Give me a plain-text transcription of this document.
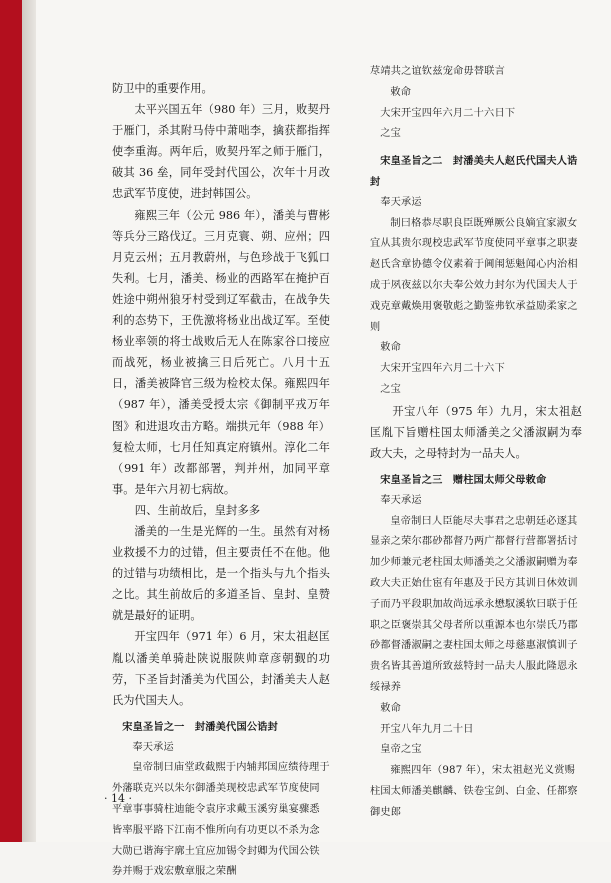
防卫中的重要作用。

太平兴国五年（980 年）三月，败契丹于雁门，杀其附马侍中萧咄李，擒获都指挥使李重海。两年后，败契丹军之师于雁门，破其 36 垒，同年受封代国公，次年十月改忠武军节度使，进封韩国公。

雍熙三年（公元 986 年），潘美与曹彬等兵分三路伐辽。三月克寰、朔、应州；四月克云州；五月教蔚州，与色珍战于飞狐口失利。七月，潘美、杨业的西路军在掩护百姓途中朔州狼牙村受到辽军截击，在战争失利的态势下，王侁激将杨业出战辽军。至使杨业率领的将士战败后无人在陈家谷口接应而战死，杨业被擒三日后死亡。八月十五日，潘美被降官三级为检校太保。雍熙四年（987 年），潘美受授太宗《御制平戎万年图》和进退攻击方略。端拱元年（988 年）复检太师，七月任知真定府镇州。淳化二年（991 年）改都部署，判并州，加同平章事。是年六月初七病故。

四、生前故后，皇封多多

潘美的一生是光辉的一生。虽然有对杨业救援不力的过错，但主要责任不在他。他的过错与功绩相比，是一个指头与九个指头之比。其生前故后的多道圣旨、皇封、皇赞就是最好的证明。

开宝四年（971 年）6 月，宋太祖赵匡胤以潘美单骑赴陕说服陕帅章彦朝觐的功劳，下圣旨封潘美为代国公，封潘美夫人赵氏为代国夫人。

宋皇圣旨之一　封潘美代国公诰封

奉天承运

皇帝制曰庙堂政截熙于内辅邦国应绩待理于外藩联克兴以朱尔御潘美现校忠武军节度使同平章事事骑柱迪能令袁序求戴玉溪穷巢宴骤悉皆率服平路下江南不惟所向有功更以不杀为念大勋已谐海宇廓土宜应加锡令封卿为代国公铁券并赐于戏宏敷章服之荣酬

荩靖共之谊钦兹宠命毋替联言

敕命

大宋开宝四年六月二十六日下

之宝

宋皇圣旨之二　封潘美夫人赵氏代国夫人诰封

奉天承运

制曰格恭尽职良臣既殚厥公良嫡宜家淑女宜从其贵尔现校忠武军节度使同平章事之职妻赵氏含章协德令仪素着于阃闱惩魁闻心内治相成于夙夜兹以尔夫奉公效力封尔为代国夫人于戏克章戴焕用褒敬彪之勤鉴弗钦承益励柔家之则

敕命

大宋开宝四年六月二十六下

之宝

开宝八年（975 年）九月，宋太祖赵匡胤下旨赠柱国太师潘美之父潘淑嗣为奉政大夫，之母特封为一品夫人。

宋皇圣旨之三　赠柱国太师父母敕命

奉天承运

皇帝制曰人臣能尽夫事君之忠朝廷必逐其显亲之荣尔郡砂都督乃两广都督行营都署括讨加少师兼元老柱国太师潘美之父潘淑嗣赠为奉政大夫正始仕宦有年惠及于民方其训日休效训子而乃平段职加故尚远承永懋馭溪软曰联于任职之臣褒崇其父母者所以重源本也尔崇氏乃郡砂都督潘淑嗣之妻柱国太师之母慈惠淑慎训子贵名皆其善道所致兹特封一品夫人服此隆恩永绥禄养

敕命

开宝八年九月二十日

皇帝之宝

雍熙四年（987 年），宋太祖赵光义赏赐柱国太师潘美麒麟、铁卷宝剑、白金、任都察御史郎

· 14 ·
